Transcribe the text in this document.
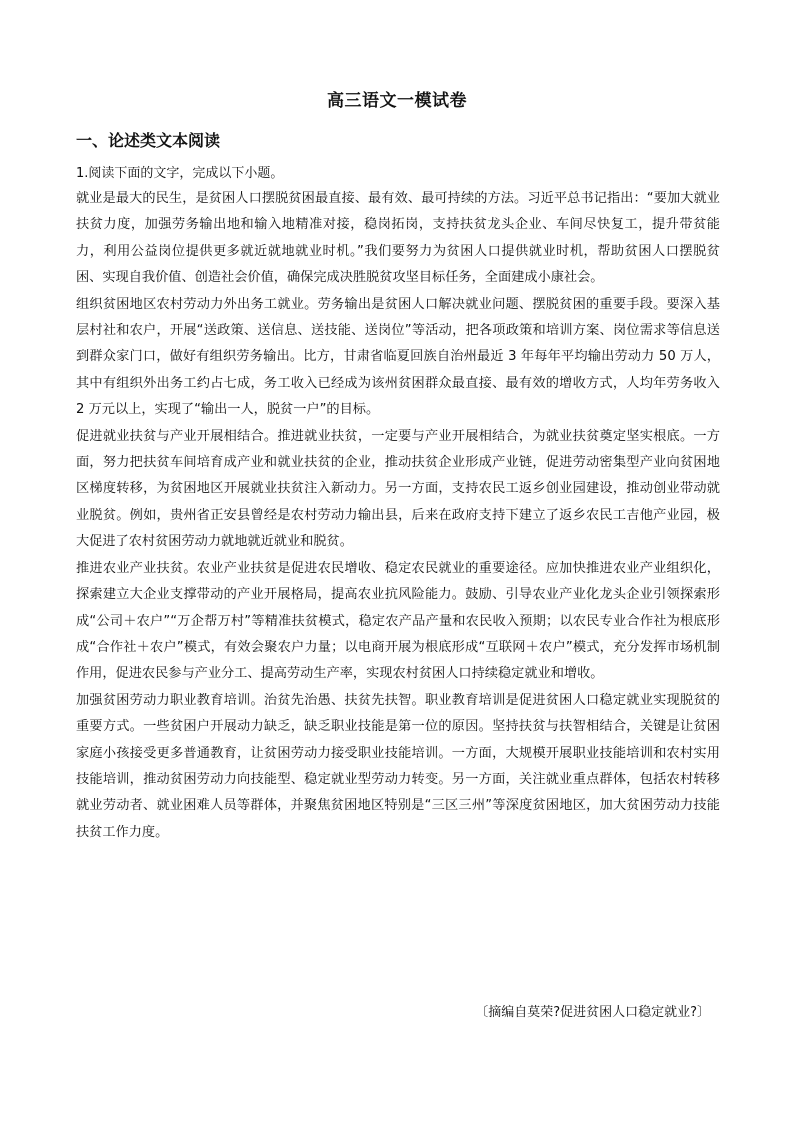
高三语文一模试卷
一、论述类文本阅读
1.阅读下面的文字，完成以下小题。

就业是最大的民生，是贫困人口摆脱贫困最直接、最有效、最可持续的方法。习近平总书记指出：“要加大就业扶贫力度，加强劳务输出地和输入地精准对接，稳岗拓岗，支持扶贫龙头企业、车间尽快复工，提升带贫能力，利用公益岗位提供更多就近就地就业时机。”我们要努力为贫困人口提供就业时机，帮助贫困人口摆脱贫困、实现自我价值、创造社会价值，确保完成决胜脱贫攻坚目标任务，全面建成小康社会。

组织贫困地区农村劳动力外出务工就业。劳务输出是贫困人口解决就业问题、摆脱贫困的重要手段。要深入基层村社和农户，开展“送政策、送信息、送技能、送岗位”等活动，把各项政策和培训方案、岗位需求等信息送到群众家门口，做好有组织劳务输出。比方，甘肃省临夏回族自治州最近 3 年每年平均输出劳动力 50 万人，其中有组织外出务工约占七成，务工收入已经成为该州贫困群众最直接、最有效的增收方式，人均年劳务收入 2 万元以上，实现了“输出一人，脱贫一户”的目标。

促进就业扶贫与产业开展相结合。推进就业扶贫，一定要与产业开展相结合，为就业扶贫奠定坚实根底。一方面，努力把扶贫车间培育成产业和就业扶贫的企业，推动扶贫企业形成产业链，促进劳动密集型产业向贫困地区梯度转移，为贫困地区开展就业扶贫注入新动力。另一方面，支持农民工返乡创业园建设，推动创业带动就业脱贫。例如，贵州省正安县曾经是农村劳动力输出县，后来在政府支持下建立了返乡农民工吉他产业园，极大促进了农村贫困劳动力就地就近就业和脱贫。

推进农业产业扶贫。农业产业扶贫是促进农民增收、稳定农民就业的重要途径。应加快推进农业产业组织化，探索建立大企业支撑带动的产业开展格局，提高农业抗风险能力。鼓励、引导农业产业化龙头企业引领探索形成“公司＋农户”“万企帮万村”等精准扶贫模式，稳定农产品产量和农民收入预期；以农民专业合作社为根底形成“合作社＋农户”模式，有效会聚农户力量；以电商开展为根底形成“互联网＋农户”模式，充分发挥市场机制作用，促进农民参与产业分工、提高劳动生产率，实现农村贫困人口持续稳定就业和增收。

加强贫困劳动力职业教育培训。治贫先治愚、扶贫先扶智。职业教育培训是促进贫困人口稳定就业实现脱贫的重要方式。一些贫困户开展动力缺乏，缺乏职业技能是第一位的原因。坚持扶贫与扶智相结合，关键是让贫困家庭小孩接受更多普通教育，让贫困劳动力接受职业技能培训。一方面，大规模开展职业技能培训和农村实用技能培训，推动贫困劳动力向技能型、稳定就业型劳动力转变。另一方面，关注就业重点群体，包括农村转移就业劳动者、就业困难人员等群体，并聚焦贫困地区特别是“三区三州”等深度贫困地区，加大贫困劳动力技能扶贫工作力度。

〔摘编自莫荣?促进贫困人口稳定就业?〕
